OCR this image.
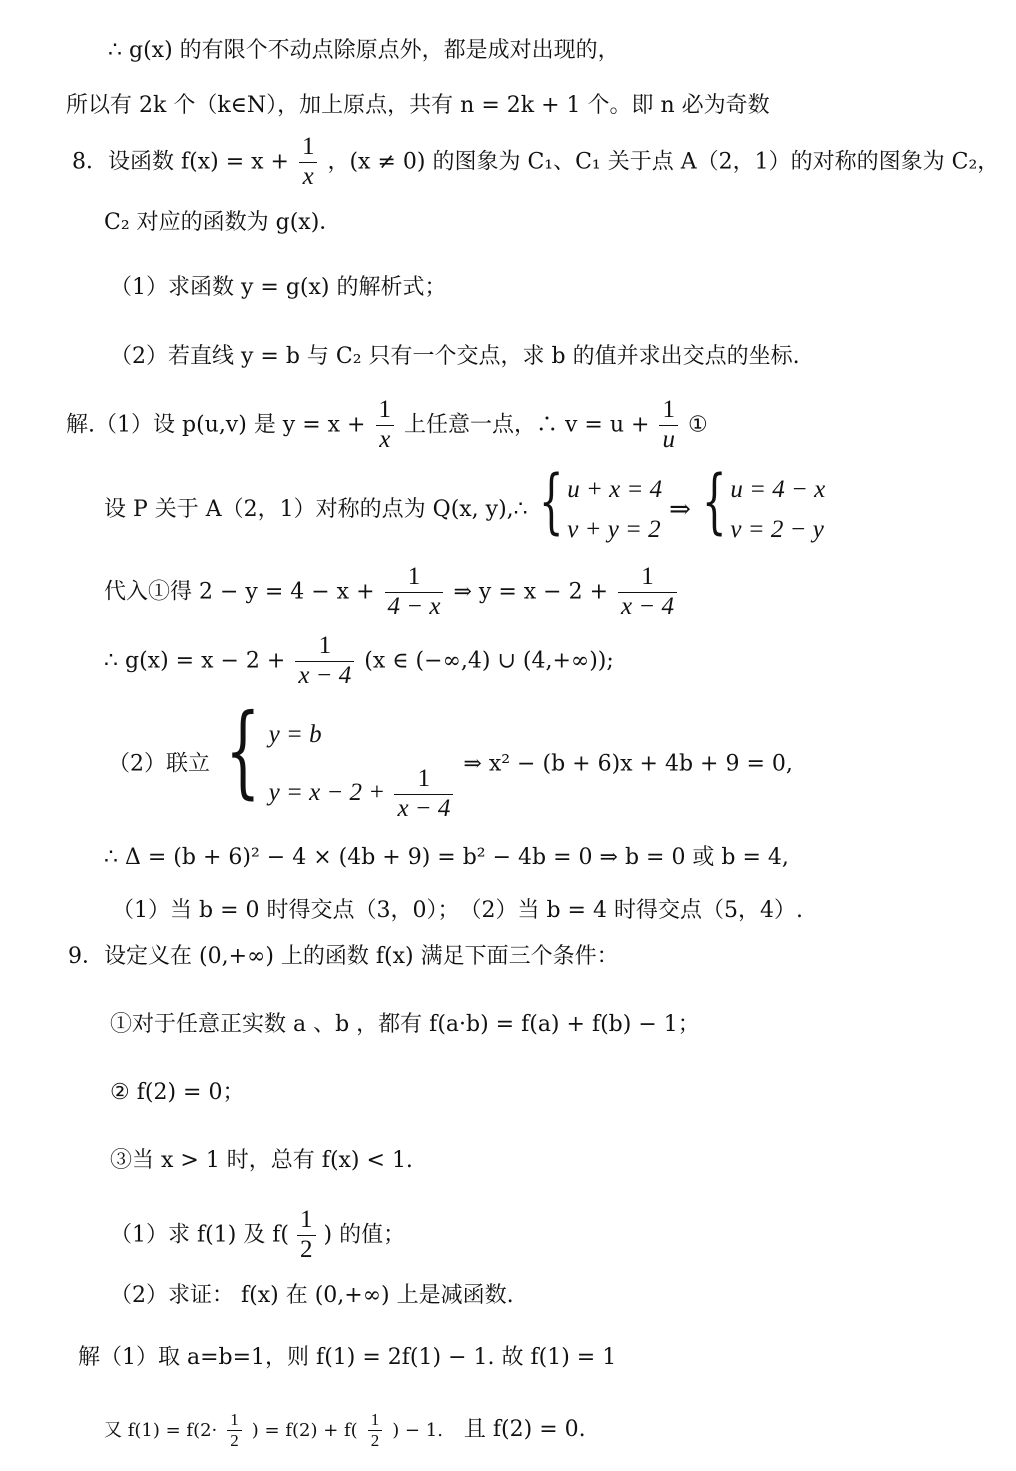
∴ g(x) 的有限个不动点除原点外，都是成对出现的，
所以有 2k 个（k∈N），加上原点，共有 n = 2k + 1 个。即 n 必为奇数
8．设函数 $f(x) = x + \frac{1}{x}$ ，(x ≠ 0) 的图象为 C₁、C₁ 关于点 A（2，1）的对称的图象为 C₂，
C₂ 对应的函数为 g(x)．
（1）求函数 y = g(x) 的解析式；
（2）若直线 y = b 与 C₂ 只有一个交点，求 b 的值并求出交点的坐标.
解.（1）设 p(u,v) 是 $y = x + \frac{1}{x}$ 上任意一点，∴ $v = u + \frac{1}{u}$ ①
设 P 关于 A（2，1）对称的点为 Q(x, y),∴ { u + x = 4
v + y = 2
⇒ { u = 4 − x
v = 2 − y
代入①得 $2 - y = 4 - x + \frac{1}{4 - x}$ ⇒ $y = x - 2 + \frac{1}{x - 4}$
∴ $g(x) = x - 2 + \frac{1}{x - 4} (x$ ∈ (−∞,4) ∪ (4,+∞));
（2）联立 { y = b
$y = x - 2 + \frac{1}{x - 4}$
⇒ x² − (b + 6)x + 4b + 9 = 0,
∴ Δ = (b + 6)² − 4 × (4b + 9) = b² − 4b = 0 ⇒ b = 0 或 b = 4,
（1）当 b = 0 时得交点（3，0）；　（2）当 b = 4 时得交点（5，4）.
9．设定义在 (0,+∞) 上的函数 f(x) 满足下面三个条件：
①对于任意正实数 a 、b ，都有 f(a·b) = f(a) + f(b) − 1；
② f(2) = 0；
③当 x > 1 时，总有 f(x) < 1.
（1）求 f(1) 及 $f( \frac{1}{2}$ ) 的值；
（2）求证： f(x) 在 (0,+∞) 上是减函数.
解（1）取 a=b=1，则 f(1) = 2f(1) − 1. 故 f(1) = 1
又 $f(1) = f(2\cdot \frac{1}{2}$ ) = $f(2) + f( \frac{1}{2}$ ) − 1. 且 f(2) = 0.
